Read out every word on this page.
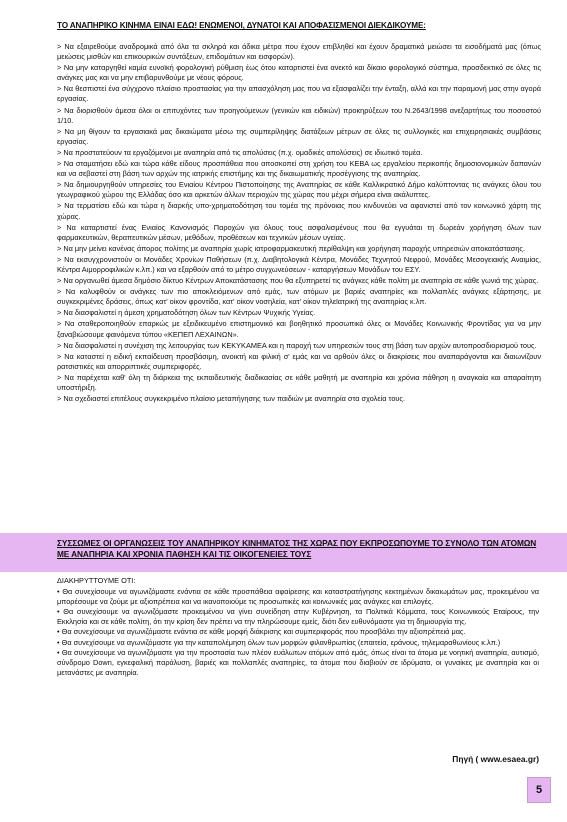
ΤΟ ΑΝΑΠΗΡΙΚΟ ΚΙΝΗΜΑ ΕΙΝΑΙ ΕΔΩ! ΕΝΩΜΕΝΟΙ, ΔΥΝΑΤΟΙ ΚΑΙ ΑΠΟΦΑΣΙΣΜΕΝΟΙ ΔΙΕΚΔΙΚΟΥΜΕ:

> Να εξαιρεθούμε αναδρομικά από όλα τα σκληρά και άδικα μέτρα που έχουν επιβληθεί και έχουν δραματικά μειώσει τα εισοδήματά μας (όπως μειώσεις μισθών και επικουρικών συντάξεων, επιδομάτων και εισφορών).

> Να μην καταργηθεί καμία ευνοϊκή φορολογική ρύθμιση έως ότου καταρτιστεί ένα ανεκτό και δίκαιο φορολογικό σύστημα, προσδεκτικό σε όλες τις ανάγκες μας και να μην επιβαρυνθούμε με νέους φόρους.

> Να θεσπιστεί ένα σύγχρονο πλαίσιο προστασίας για την απασχόληση μας που να εξασφαλίζει την ένταξη, αλλά και την παραμονή μας στην αγορά εργασίας.

> Να διορισθούν άμεσα όλοι οι επιτυχόντες των προηγούμενων (γενικών και ειδικών) προκηρύξεων του Ν.2643/1998 ανεξαρτήτως του ποσοστού 1/10.

> Να μη θίγουν τα εργασιακά μας δικαιώματα μέσω της συμπερίληψης διατάξεων μέτρων σε όλες τις συλλογικές και επιχειρησιακές συμβάσεις εργασίας.

> Να προστατεύουν τα εργαζόμενοι με αναπηρία από τις απολύσεις (π.χ. ομαδικές απολύσεις) σε ιδιωτικό τομέα.

> Να σταματήσει εδώ και τώρα κάθε είδους προσπάθεια που αποσκοπεί στη χρήση του ΚΕΒΑ ως εργαλείου περικοπής δημοσιονομικών δαπανών και να σεβαστεί στη βάση των αρχών της ιατρικής επιστήμης και της δικαιωματικής προσέγγισης της αναπηρίας.

> Να δημιουργηθούν υπηρεσίες του Ενιαίου Κέντρου Πιστοποίησης της Αναπηρίας σε κάθε Καλλικρατικό Δήμο καλύπτοντας τις ανάγκες όλου του γεωγραφικού χώρου της Ελλάδας όσο και αρκετών άλλων περιοχών της χώρας που μέχρι σήμερα είναι ακάλυπτες.

> Να τερματίσει εδώ και τώρα η διαρκής υπο-χρηματοδότηση του τομέα της πρόνοιας που κινδυνεύει να αφανιστεί από τον κοινωνικό χάρτη της χώρας.

> Να καταρτιστεί ένας Ενιαίος Κανονισμός Παροχών για όλους τους ασφαλισμένους που θα εγγυάται τη δωρεάν χορήγηση όλων των φαρμακευτικών, θεραπευτικών μέσων, μεθόδων, προθέσεων και τεχνικών μέσων υγείας.

> Να μην μείνει κανένας άπορος πολίτης με αναπηρία χωρίς ιατροφαρμακευτική περίθαλψη και χορήγηση παροχής υπηρεσιών αποκατάστασης.

> Να εκσυγχρονιστούν οι Μονάδες Χρονίων Παθήσεων (π.χ. Διαβητολογικά Κέντρα, Μονάδες Τεχνητού Νεφρού, Μονάδες Μεσογειακής Αναιμίας, Κέντρα Αιμορροφιλικών κ.λπ.) και να εξαρθούν από το μέτρο συγχωνεύσεων - καταργήσεων Μονάδων του ΕΣΥ.

> Να οργανωθεί άμεσα δημόσιο δίκτυο Κέντρων Αποκατάστασης που θα εξυπηρετεί τις ανάγκες κάθε πολίτη με αναπηρία σε κάθε γωνιά της χώρας.

> Να καλυφθούν οι ανάγκες των πιο αποκλειόμενων από εμάς, των ατόμων με βαριές αναπηρίες και πολλαπλές ανάγκες εξάρτησης, με συγκεκριμένες δράσεις, όπως κατ' οίκον φροντίδα, κατ' οίκον νοσηλεία, κατ' οίκον τηλεϊατρική της αναπηρίας κ.λπ.

> Να διασφαλιστεί η άμεση χρηματοδότηση όλων των Κέντρων Ψυχικής Υγείας.

> Να σταθεροποιηθούν επαρκώς με εξειδικευμένο επιστημονικό και βοηθητικό προσωπικό όλες οι Μονάδες Κοινωνικής Φροντίδας για να μην ξαναβιώσουμε φαινόμενα τύπου «ΚΕΠΕΠ ΛΕΧΑΙΝΩΝ».

> Να διασφαλιστεί η συνέχιση της λειτουργίας των ΚΕΚΥΚΑΜΕΑ και η παροχή των υπηρεσιών τους στη βάση των αρχών αυτοπροσδιορισμού τους.

> Να καταστεί η ειδική εκπαίδευση προσβάσιμη, ανοικτή και φιλική σ' εμάς και να αρθούν όλες οι διακρίσεις που αναπαράγονται και διαιωνίζουν ρατσιστικές και απορριπτικές συμπεριφορές.

> Να παρέχεται καθ' όλη τη διάρκεια της εκπαιδευτικής διαδικασίας σε κάθε μαθητή με αναπηρία και χρόνια πάθηση η αναγκαία και απαραίτητη υποστήριξη.

> Να σχεδιαστεί επιτέλους συγκεκριμένο πλαίσιο μεταπήγησης των παιδιών με αναπηρία στα σχολεία τους.

ΣΥΣΣΩΜΕΣ ΟΙ ΟΡΓΑΝΩΣΕΙΣ ΤΟΥ ΑΝΑΠΗΡΙΚΟΥ ΚΙΝΗΜΑΤΟΣ ΤΗΣ ΧΩΡΑΣ ΠΟΥ ΕΚΠΡΟΣΩΠΟΥΜΕ ΤΟ ΣΥΝΟΛΟ ΤΩΝ ΑΤΟΜΩΝ ΜΕ ΑΝΑΠΗΡΙΑ ΚΑΙ ΧΡΟΝΙΑ ΠΑΘΗΣΗ ΚΑΙ ΤΙΣ ΟΙΚΟΓΕΝΕΙΕΣ ΤΟΥΣ

ΔΙΑΚΗΡΥΤΤΟΥΜΕ ΟΤΙ:

• Θα συνεχίσουμε να αγωνιζόμαστε ενάντια σε κάθε προσπάθεια αφαίρεσης και καταστρατήγησης κεκτημένων δικαιωμάτων μας, προκειμένου να μπορέσουμε να ζούμε με αξιοπρέπεια και να ικανοποιούμε τις προσωπικές και κοινωνικές μας ανάγκες και επιλογές.

• Θα συνεχίσουμε να αγωνιζόμαστε προκειμένου να γίνει συνείδηση στην Κυβέρνηση, τα Πολιτικά Κόμματα, τους Κοινωνικούς Εταίρους, την Εκκλησία και σε κάθε πολίτη, ότι την κρίση δεν πρέπει να την πληρώσουμε εμείς, διότι δεν ευθυνόμαστε για τη δημιουργία της.

• Θα συνεχίσουμε να αγωνιζόμαστε ενάντια σε κάθε μορφή διάκρισης και συμπεριφοράς που προσβάλει την αξιοπρέπειά μας.

• Θα συνεχίσουμε να αγωνιζόμαστε για την καταπολέμηση όλων των μορφών φιλανθρωπίας (επαιτεία, εράνους, τηλεμαραθωνίους κ.λπ.)

• Θα συνεχίσουμε να αγωνιζόμαστε για την προστασία των πλέον ευάλωτων ατόμων από εμάς, όπως είναι τα άτομα με νοητική αναπηρία, αυτισμό, σύνδρομο Down, εγκεφαλική παράλυση, βαριές και πολλαπλές αναπηρίες, τα άτομα που διαβιούν σε ιδρύματα, οι γυναίκες με αναπηρία και οι μετανάστες με αναπηρία.

Πηγή ( www.esaea.gr)
5
